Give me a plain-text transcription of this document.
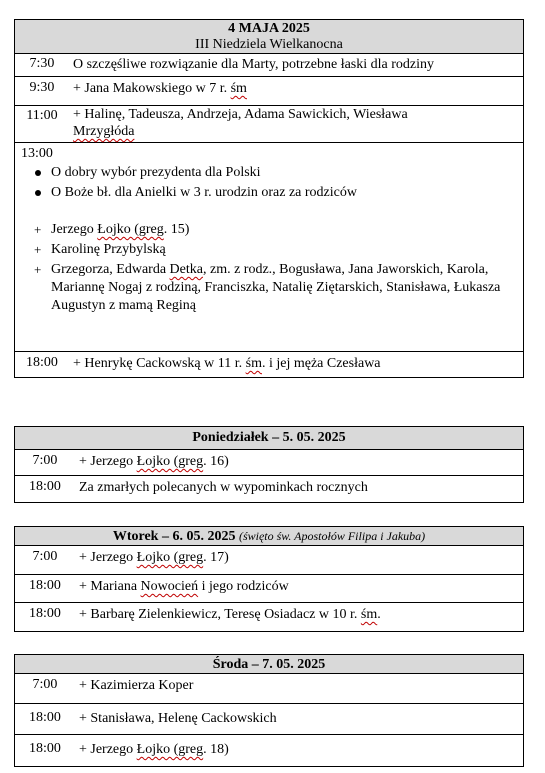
4 MAJA 2025
III Niedziela Wielkanocna
7:30	O szczęśliwe rozwiązanie dla Marty, potrzebne łaski dla rodziny
9:30	+ Jana Makowskiego w 7 r. śm
11:00	+ Halinę, Tadeusza, Andrzeja, Adama Sawickich, Wiesława
Mrzygłóda
13:00
O dobry wybór prezydenta dla Polski
O Boże bł. dla Anielki w 3 r. urodzin oraz za rodziców
+ Jerzego Łojko (greg. 15)
+ Karolinę Przybylską
+ Grzegorza, Edwarda Detka, zm. z rodz., Bogusława, Jana Jaworskich, Karola, Mariannę Nogaj z rodziną, Franciszka, Natalię Ziętarskich, Stanisława, Łukasza Augustyn z mamą Reginą
18:00	+ Henrykę Cackowską w 11 r. śm. i jej męża Czesława
Poniedziałek – 5. 05. 2025
7:00	+ Jerzego Łojko (greg. 16)
18:00	Za zmarłych polecanych w wypominkach rocznych
Wtorek – 6. 05. 2025 (święto św. Apostołów Filipa i Jakuba)
7:00	+ Jerzego Łojko (greg. 17)
18:00	+ Mariana Nowocień i jego rodziców
18:00	+ Barbarę Zielenkiewicz, Teresę Osiadacz w 10 r. śm.
Środa – 7. 05. 2025
7:00	+ Kazimierza Koper
18:00	+ Stanisława, Helenę Cackowskich
18:00	+ Jerzego Łojko (greg. 18)
